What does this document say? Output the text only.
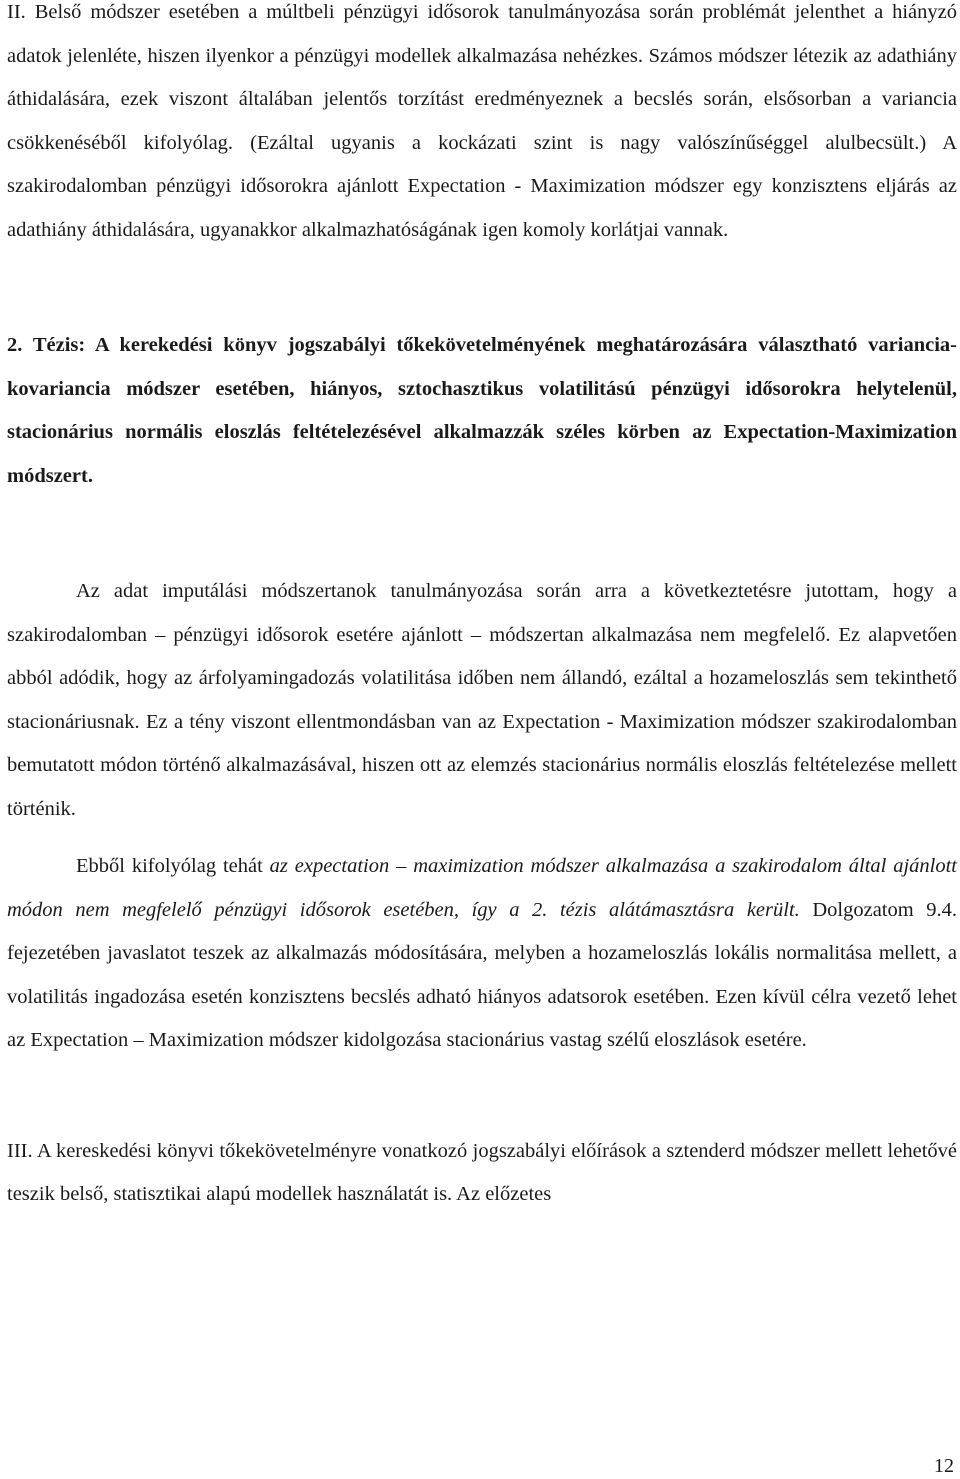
II. Belső módszer esetében a múltbeli pénzügyi idősorok tanulmányozása során problémát jelenthet a hiányzó adatok jelenléte, hiszen ilyenkor a pénzügyi modellek alkalmazása nehézkes. Számos módszer létezik az adathiány áthidalására, ezek viszont általában jelentős torzítást eredményeznek a becslés során, elsősorban a variancia csökkenéséből kifolyólag. (Ezáltal ugyanis a kockázati szint is nagy valószínűséggel alulbecsült.) A szakirodalomban pénzügyi idősorokra ajánlott Expectation - Maximization módszer egy konzisztens eljárás az adathiány áthidalására, ugyanakkor alkalmazhatóságának igen komoly korlátjai vannak.

2. Tézis: A kerekedési könyv jogszabályi tőkekövetelményének meghatározására választható variancia-kovariancia módszer esetében, hiányos, sztochasztikus volatilitású pénzügyi idősorokra helytelenül, stacionárius normális eloszlás feltételezésével alkalmazzák széles körben az Expectation-Maximization módszert.

Az adat imputálási módszertanok tanulmányozása során arra a következtetésre jutottam, hogy a szakirodalomban – pénzügyi idősorok esetére ajánlott – módszertan alkalmazása nem megfelelő. Ez alapvetően abból adódik, hogy az árfolyamingadozás volatilitása időben nem állandó, ezáltal a hozameloszlás sem tekinthető stacionáriusnak. Ez a tény viszont ellentmondásban van az Expectation - Maximization módszer szakirodalomban bemutatott módon történő alkalmazásával, hiszen ott az elemzés stacionárius normális eloszlás feltételezése mellett történik.

Ebből kifolyólag tehát az expectation – maximization módszer alkalmazása a szakirodalom által ajánlott módon nem megfelelő pénzügyi idősorok esetében, így a 2. tézis alátámasztásra került. Dolgozatom 9.4. fejezetében javaslatot teszek az alkalmazás módosítására, melyben a hozameloszlás lokális normalitása mellett, a volatilitás ingadozása esetén konzisztens becslés adható hiányos adatsorok esetében. Ezen kívül célra vezető lehet az Expectation – Maximization módszer kidolgozása stacionárius vastag szélű eloszlások esetére.

III. A kereskedési könyvi tőkekövetelményre vonatkozó jogszabályi előírások a sztenderd módszer mellett lehetővé teszik belső, statisztikai alapú modellek használatát is. Az előzetes

12
